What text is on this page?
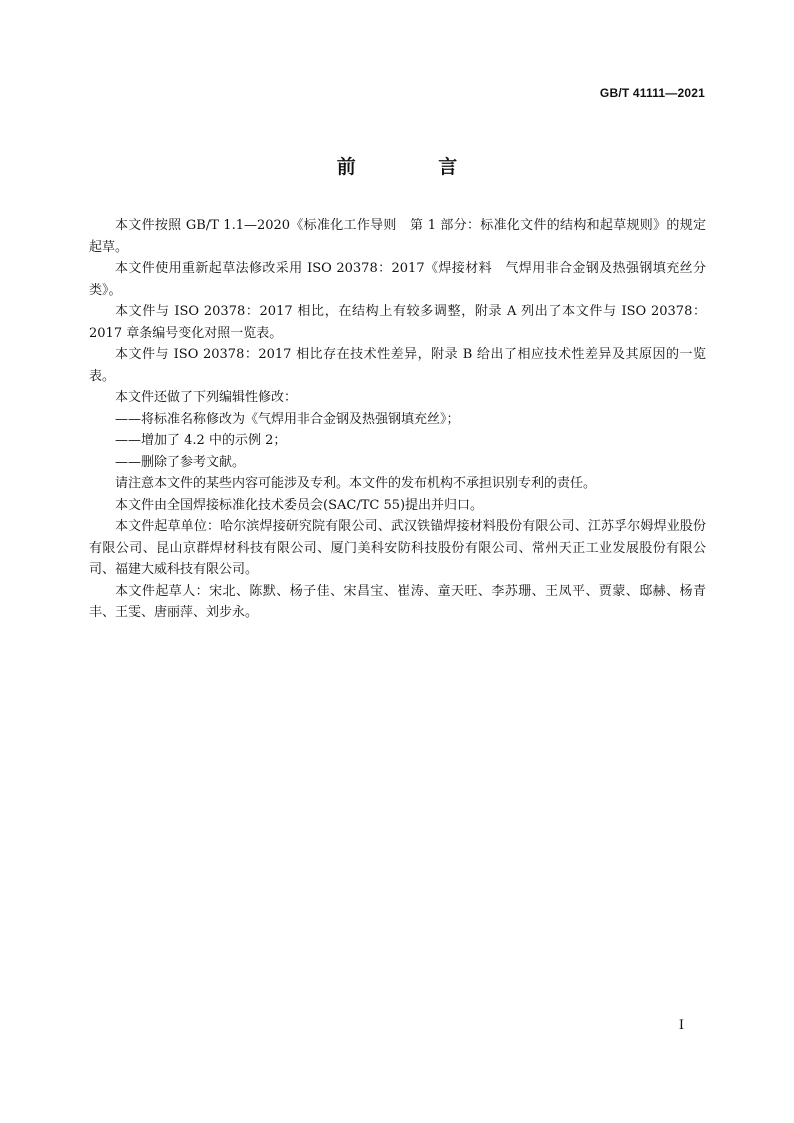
GB/T 41111—2021
前 言

本文件按照 GB/T 1.1—2020《标准化工作导则　第 1 部分：标准化文件的结构和起草规则》的规定起草。

本文件使用重新起草法修改采用 ISO 20378：2017《焊接材料　气焊用非合金钢及热强钢填充丝分类》。

本文件与 ISO 20378：2017 相比，在结构上有较多调整，附录 A 列出了本文件与 ISO 20378：2017 章条编号变化对照一览表。

本文件与 ISO 20378：2017 相比存在技术性差异，附录 B 给出了相应技术性差异及其原因的一览表。

本文件还做了下列编辑性修改：

——将标准名称修改为《气焊用非合金钢及热强钢填充丝》；

——增加了 4.2 中的示例 2；

——删除了参考文献。

请注意本文件的某些内容可能涉及专利。本文件的发布机构不承担识别专利的责任。

本文件由全国焊接标准化技术委员会(SAC/TC 55)提出并归口。

本文件起草单位：哈尔滨焊接研究院有限公司、武汉铁锚焊接材料股份有限公司、江苏孚尔姆焊业股份有限公司、昆山京群焊材科技有限公司、厦门美科安防科技股份有限公司、常州天正工业发展股份有限公司、福建大威科技有限公司。

本文件起草人：宋北、陈默、杨子佳、宋昌宝、崔涛、童天旺、李苏珊、王凤平、贾蒙、邸赫、杨青丰、王雯、唐丽萍、刘步永。

I
